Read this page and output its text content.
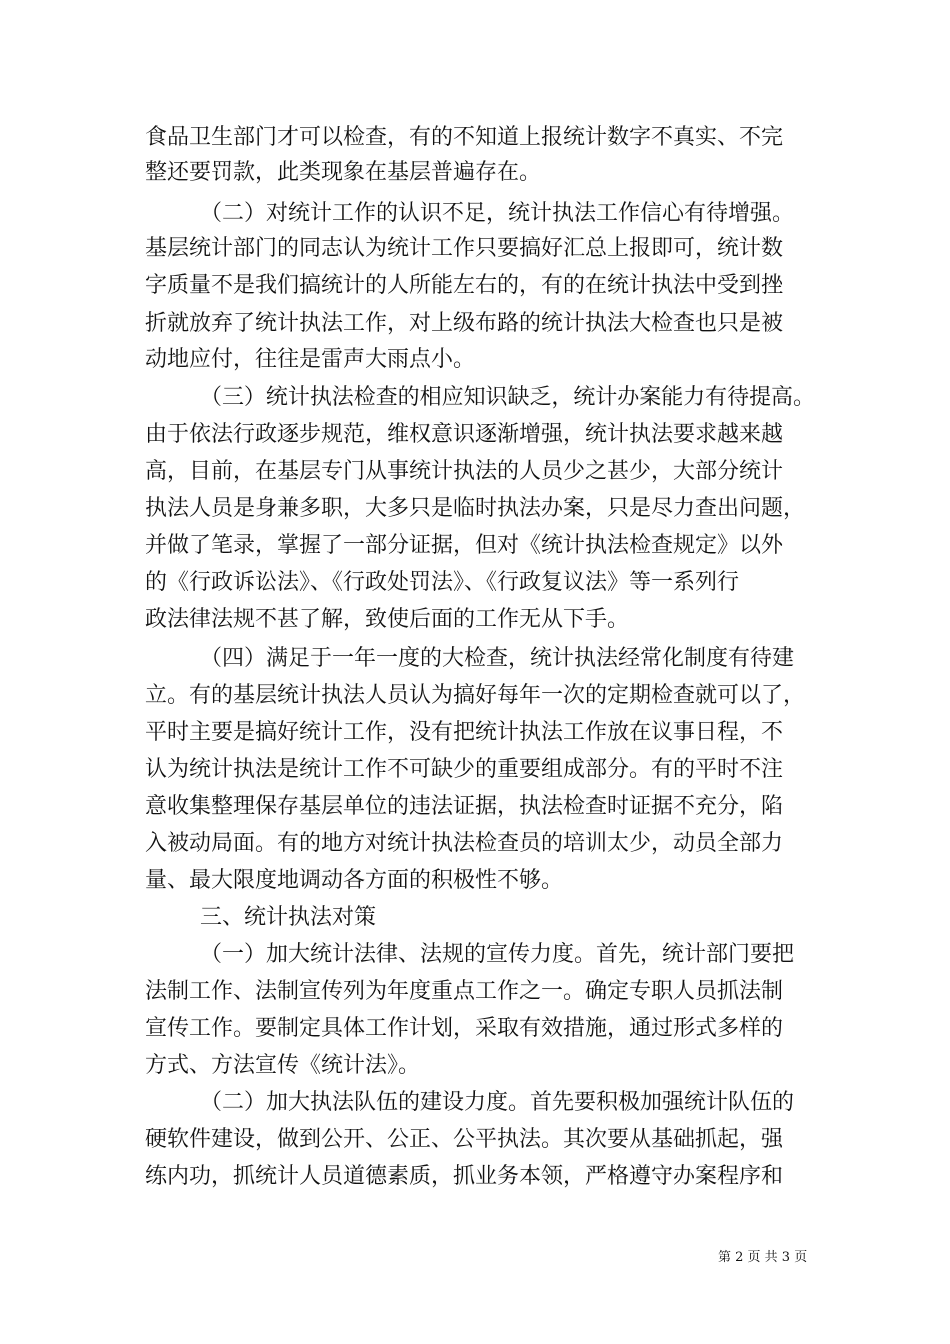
食品卫生部门才可以检查，有的不知道上报统计数字不真实、不完

整还要罚款，此类现象在基层普遍存在。

（二）对统计工作的认识不足，统计执法工作信心有待增强。

基层统计部门的同志认为统计工作只要搞好汇总上报即可，统计数

字质量不是我们搞统计的人所能左右的，有的在统计执法中受到挫

折就放弃了统计执法工作，对上级布路的统计执法大检查也只是被

动地应付，往往是雷声大雨点小。

（三）统计执法检查的相应知识缺乏，统计办案能力有待提高。

由于依法行政逐步规范，维权意识逐渐增强，统计执法要求越来越

高，目前，在基层专门从事统计执法的人员少之甚少，大部分统计

执法人员是身兼多职，大多只是临时执法办案，只是尽力查出问题，

并做了笔录，掌握了一部分证据，但对《统计执法检查规定》以外

的《行政诉讼法》、《行政处罚法》、《行政复议法》等一系列行

政法律法规不甚了解，致使后面的工作无从下手。

（四）满足于一年一度的大检查，统计执法经常化制度有待建

立。有的基层统计执法人员认为搞好每年一次的定期检查就可以了，

平时主要是搞好统计工作，没有把统计执法工作放在议事日程，不

认为统计执法是统计工作不可缺少的重要组成部分。有的平时不注

意收集整理保存基层单位的违法证据，执法检查时证据不充分，陷

入被动局面。有的地方对统计执法检查员的培训太少，动员全部力

量、最大限度地调动各方面的积极性不够。

三、统计执法对策

（一）加大统计法律、法规的宣传力度。首先，统计部门要把

法制工作、法制宣传列为年度重点工作之一。确定专职人员抓法制

宣传工作。要制定具体工作计划，采取有效措施，通过形式多样的

方式、方法宣传《统计法》。

（二）加大执法队伍的建设力度。首先要积极加强统计队伍的

硬软件建设，做到公开、公正、公平执法。其次要从基础抓起，强

练内功，抓统计人员道德素质，抓业务本领，严格遵守办案程序和

第 2 页 共 3 页
